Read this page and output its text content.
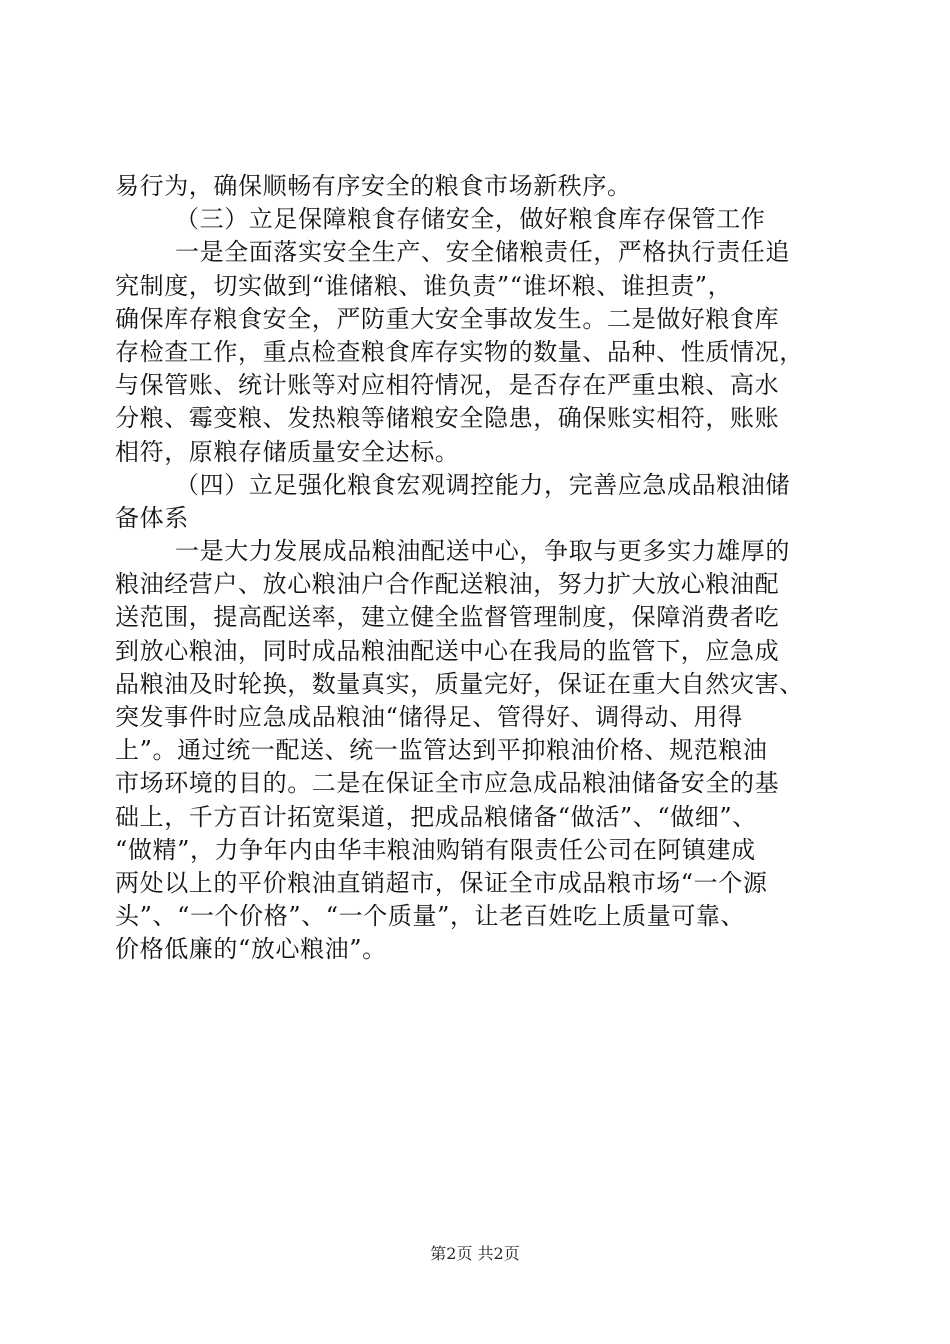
易行为，确保顺畅有序安全的粮食市场新秩序。
（三）立足保障粮食存储安全，做好粮食库存保管工作
一是全面落实安全生产、安全储粮责任，严格执行责任追
究制度，切实做到“谁储粮、谁负责”“谁坏粮、谁担责”，
确保库存粮食安全，严防重大安全事故发生。二是做好粮食库
存检查工作，重点检查粮食库存实物的数量、品种、性质情况，
与保管账、统计账等对应相符情况，是否存在严重虫粮、高水
分粮、霉变粮、发热粮等储粮安全隐患，确保账实相符，账账
相符，原粮存储质量安全达标。
（四）立足强化粮食宏观调控能力，完善应急成品粮油储
备体系
一是大力发展成品粮油配送中心，争取与更多实力雄厚的
粮油经营户、放心粮油户合作配送粮油，努力扩大放心粮油配
送范围，提高配送率，建立健全监督管理制度，保障消费者吃
到放心粮油，同时成品粮油配送中心在我局的监管下，应急成
品粮油及时轮换，数量真实，质量完好，保证在重大自然灾害、
突发事件时应急成品粮油“储得足、管得好、调得动、用得
上”。通过统一配送、统一监管达到平抑粮油价格、规范粮油
市场环境的目的。二是在保证全市应急成品粮油储备安全的基
础上，千方百计拓宽渠道，把成品粮储备“做活”、“做细”、
“做精”，力争年内由华丰粮油购销有限责任公司在阿镇建成
两处以上的平价粮油直销超市，保证全市成品粮市场“一个源
头”、“一个价格”、“一个质量”，让老百姓吃上质量可靠、
价格低廉的“放心粮油”。
第2页 共2页
